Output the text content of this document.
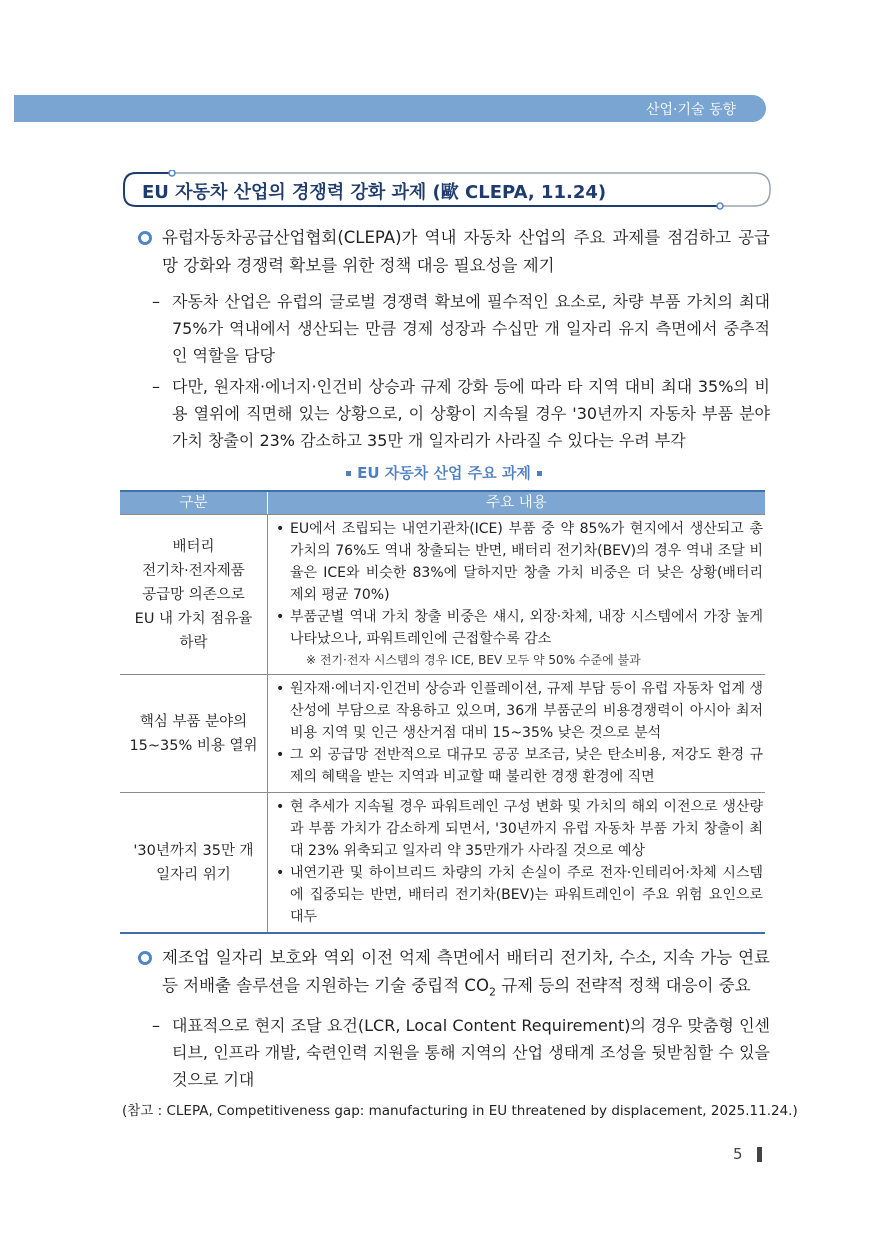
산업·기술 동향
EU 자동차 산업의 경쟁력 강화 과제 (歐 CLEPA, 11.24)
유럽자동차공급산업협회(CLEPA)가 역내 자동차 산업의 주요 과제를 점검하고 공급망 강화와 경쟁력 확보를 위한 정책 대응 필요성을 제기
– 자동차 산업은 유럽의 글로벌 경쟁력 확보에 필수적인 요소로, 차량 부품 가치의 최대 75%가 역내에서 생산되는 만큼 경제 성장과 수십만 개 일자리 유지 측면에서 중추적인 역할을 담당
– 다만, 원자재·에너지·인건비 상승과 규제 강화 등에 따라 타 지역 대비 최대 35%의 비용 열위에 직면해 있는 상황으로, 이 상황이 지속될 경우 '30년까지 자동차 부품 분야 가치 창출이 23% 감소하고 35만 개 일자리가 사라질 수 있다는 우려 부각
EU 자동차 산업 주요 과제
구분	주요 내용
배터리
전기차·전자제품
공급망 의존으로
EU 내 가치 점유율
하락
• EU에서 조립되는 내연기관차(ICE) 부품 중 약 85%가 현지에서 생산되고 총 가치의 76%도 역내 창출되는 반면, 배터리 전기차(BEV)의 경우 역내 조달 비율은 ICE와 비슷한 83%에 달하지만 창출 가치 비중은 더 낮은 상황(배터리 제외 평균 70%)
• 부품군별 역내 가치 창출 비중은 섀시, 외장·차체, 내장 시스템에서 가장 높게 나타났으나, 파워트레인에 근접할수록 감소
※ 전기·전자 시스템의 경우 ICE, BEV 모두 약 50% 수준에 불과
핵심 부품 분야의
15~35% 비용 열위
• 원자재·에너지·인건비 상승과 인플레이션, 규제 부담 등이 유럽 자동차 업계 생산성에 부담으로 작용하고 있으며, 36개 부품군의 비용경쟁력이 아시아 최저비용 지역 및 인근 생산거점 대비 15~35% 낮은 것으로 분석
• 그 외 공급망 전반적으로 대규모 공공 보조금, 낮은 탄소비용, 저강도 환경 규제의 혜택을 받는 지역과 비교할 때 불리한 경쟁 환경에 직면
'30년까지 35만 개
일자리 위기
• 현 추세가 지속될 경우 파워트레인 구성 변화 및 가치의 해외 이전으로 생산량과 부품 가치가 감소하게 되면서, '30년까지 유럽 자동차 부품 가치 창출이 최대 23% 위축되고 일자리 약 35만개가 사라질 것으로 예상
• 내연기관 및 하이브리드 차량의 가치 손실이 주로 전자·인테리어·차체 시스템에 집중되는 반면, 배터리 전기차(BEV)는 파워트레인이 주요 위험 요인으로 대두
제조업 일자리 보호와 역외 이전 억제 측면에서 배터리 전기차, 수소, 지속 가능 연료 등 저배출 솔루션을 지원하는 기술 중립적 $CO_2$ 규제 등의 전략적 정책 대응이 중요
– 대표적으로 현지 조달 요건(LCR, Local Content Requirement)의 경우 맞춤형 인센티브, 인프라 개발, 숙련인력 지원을 통해 지역의 산업 생태계 조성을 뒷받침할 수 있을 것으로 기대
(참고 : CLEPA, Competitiveness gap: manufacturing in EU threatened by displacement, 2025.11.24.)
5
